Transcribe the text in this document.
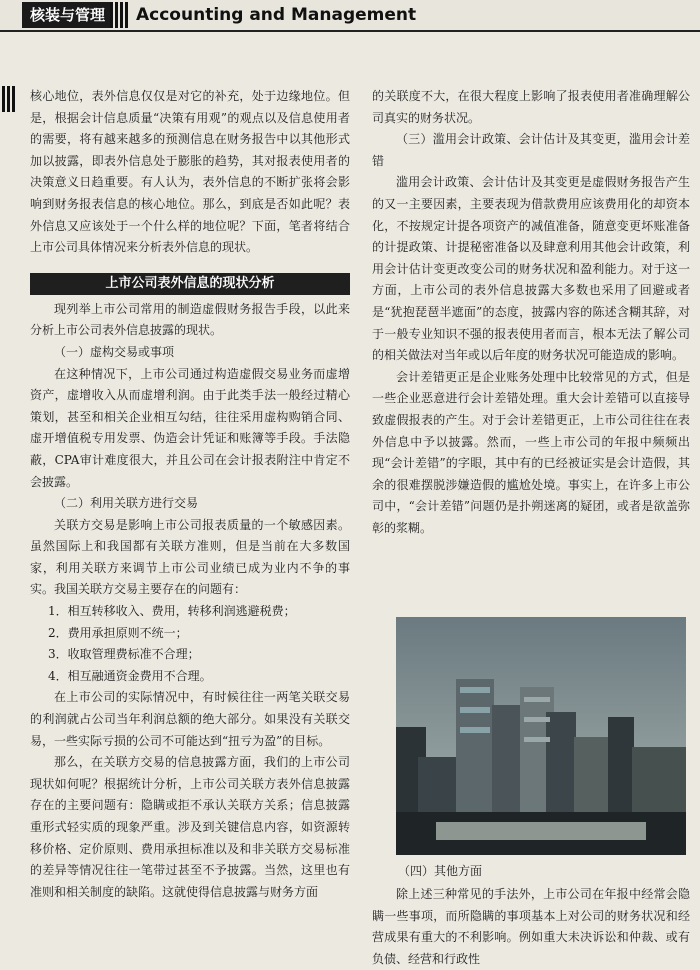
核装与管理	Accounting and Management

核心地位，表外信息仅仅是对它的补充，处于边缘地位。但是，根据会计信息质量“决策有用观”的观点以及信息使用者的需要，将有越来越多的预测信息在财务报告中以其他形式加以披露，即表外信息处于膨胀的趋势，其对报表使用者的决策意义日趋重要。有人认为，表外信息的不断扩张将会影响到财务报表信息的核心地位。那么，到底是否如此呢？表外信息又应该处于一个什么样的地位呢？下面，笔者将结合上市公司具体情况来分析表外信息的现状。

上市公司表外信息的现状分析

现列举上市公司常用的制造虚假财务报告手段，以此来分析上市公司表外信息披露的现状。

（一）虚构交易或事项

在这种情况下，上市公司通过构造虚假交易业务而虚增资产，虚增收入从而虚增利润。由于此类手法一般经过精心策划，甚至和相关企业相互勾结，往往采用虚构购销合同、虚开增值税专用发票、伪造会计凭证和账簿等手段。手法隐蔽，CPA审计难度很大，并且公司在会计报表附注中肯定不会披露。

（二）利用关联方进行交易

关联方交易是影响上市公司报表质量的一个敏感因素。虽然国际上和我国都有关联方准则，但是当前在大多数国家，利用关联方来调节上市公司业绩已成为业内不争的事实。我国关联方交易主要存在的问题有：

1．相互转移收入、费用，转移利润逃避税费；

2．费用承担原则不统一；

3．收取管理费标准不合理；

4．相互融通资金费用不合理。

在上市公司的实际情况中，有时候往往一两笔关联交易的利润就占公司当年利润总额的绝大部分。如果没有关联交易，一些实际亏损的公司不可能达到“扭亏为盈”的目标。

那么，在关联方交易的信息披露方面，我们的上市公司现状如何呢？根据统计分析，上市公司关联方表外信息披露存在的主要问题有：隐瞒或拒不承认关联方关系；信息披露重形式轻实质的现象严重。涉及到关键信息内容，如资源转移价格、定价原则、费用承担标准以及和非关联方交易标准的差异等情况往往一笔带过甚至不予披露。当然，这里也有准则和相关制度的缺陷。这就使得信息披露与财务方面

的关联度不大，在很大程度上影响了报表使用者准确理解公司真实的财务状况。

（三）滥用会计政策、会计估计及其变更，滥用会计差错

滥用会计政策、会计估计及其变更是虚假财务报告产生的又一主要因素，主要表现为借款费用应该费用化的却资本化，不按规定计提各项资产的减值准备，随意变更坏账准备的计提政策、计提秘密准备以及肆意利用其他会计政策，利用会计估计变更改变公司的财务状况和盈利能力。对于这一方面，上市公司的表外信息披露大多数也采用了回避或者是“犹抱琵琶半遮面”的态度，披露内容的陈述含糊其辞，对于一般专业知识不强的报表使用者而言，根本无法了解公司的相关做法对当年或以后年度的财务状况可能造成的影响。

会计差错更正是企业账务处理中比较常见的方式，但是一些企业恶意进行会计差错处理。重大会计差错可以直接导致虚假报表的产生。对于会计差错更正，上市公司往往在表外信息中予以披露。然而，一些上市公司的年报中频频出现“会计差错”的字眼，其中有的已经被证实是会计造假，其余的很难摆脱涉嫌造假的尴尬处境。事实上，在许多上市公司中，“会计差错”问题仍是扑朔迷离的疑团，或者是欲盖弥彰的浆糊。

（四）其他方面

除上述三种常见的手法外，上市公司在年报中经常会隐瞒一些事项，而所隐瞒的事项基本上对公司的财务状况和经营成果有重大的不利影响。例如重大未决诉讼和仲裁、或有负债、经营和行政性
